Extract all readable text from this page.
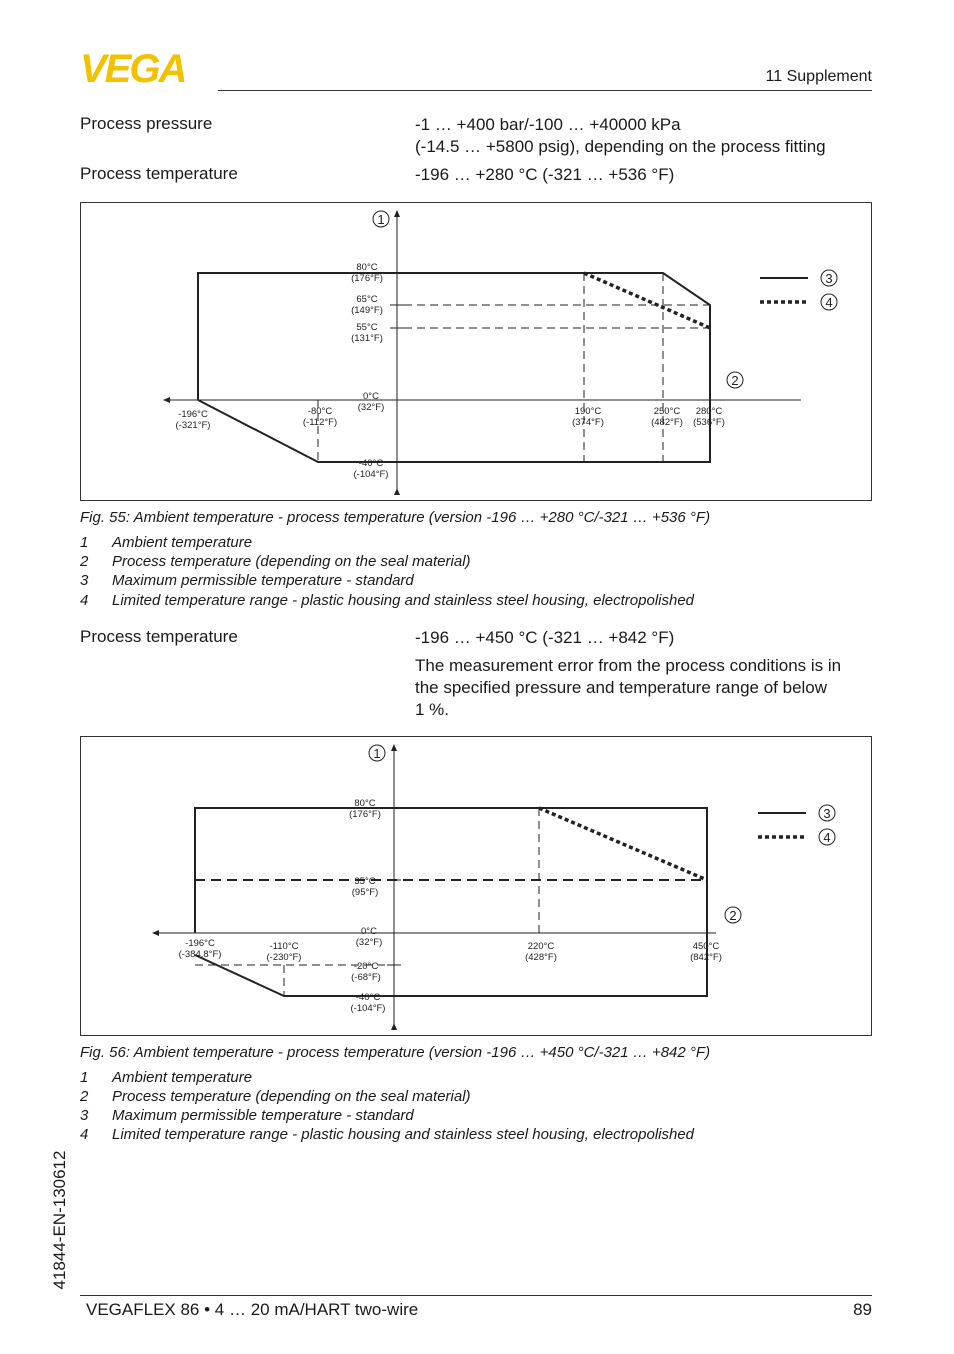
VEGA	11 Supplement
Process pressure	-1 … +400 bar/-100 … +40000 kPa
(-14.5 … +5800 psig), depending on the process fitting
Process temperature	-196 … +280 °C (-321 … +536 °F)
80°C
(176°F)
65°C
(149°F)
55°C
(131°F)
0°C
(32°F)
-40°C
(-104°F)
-196°C
(-321°F)
-80°C
(-112°F)
190°C
(374°F)
250°C
(482°F)
280°C
(536°F)
1
2
3
4
Fig. 55: Ambient temperature - process temperature (version -196 … +280 °C/-321 … +536 °F)
1 Ambient temperature
2 Process temperature (depending on the seal material)
3 Maximum permissible temperature - standard
4 Limited temperature range - plastic housing and stainless steel housing, electropolished
Process temperature	-196 … +450 °C (-321 … +842 °F)
The measurement error from the process conditions is in
the specified pressure and temperature range of below
1 %.
80°C
(176°F)
35°C
(95°F)
0°C
(32°F)
-20°C
(-68°F)
-40°C
(-104°F)
-196°C
(-384.8°F)
-110°C
(-230°F)
220°C
(428°F)
450°C
(842°F)
1
2
3
4
Fig. 56: Ambient temperature - process temperature (version -196 … +450 °C/-321 … +842 °F)
1 Ambient temperature
2 Process temperature (depending on the seal material)
3 Maximum permissible temperature - standard
4 Limited temperature range - plastic housing and stainless steel housing, electropolished
41844-EN-130612
VEGAFLEX 86 • 4 … 20 mA/HART two-wire	89
